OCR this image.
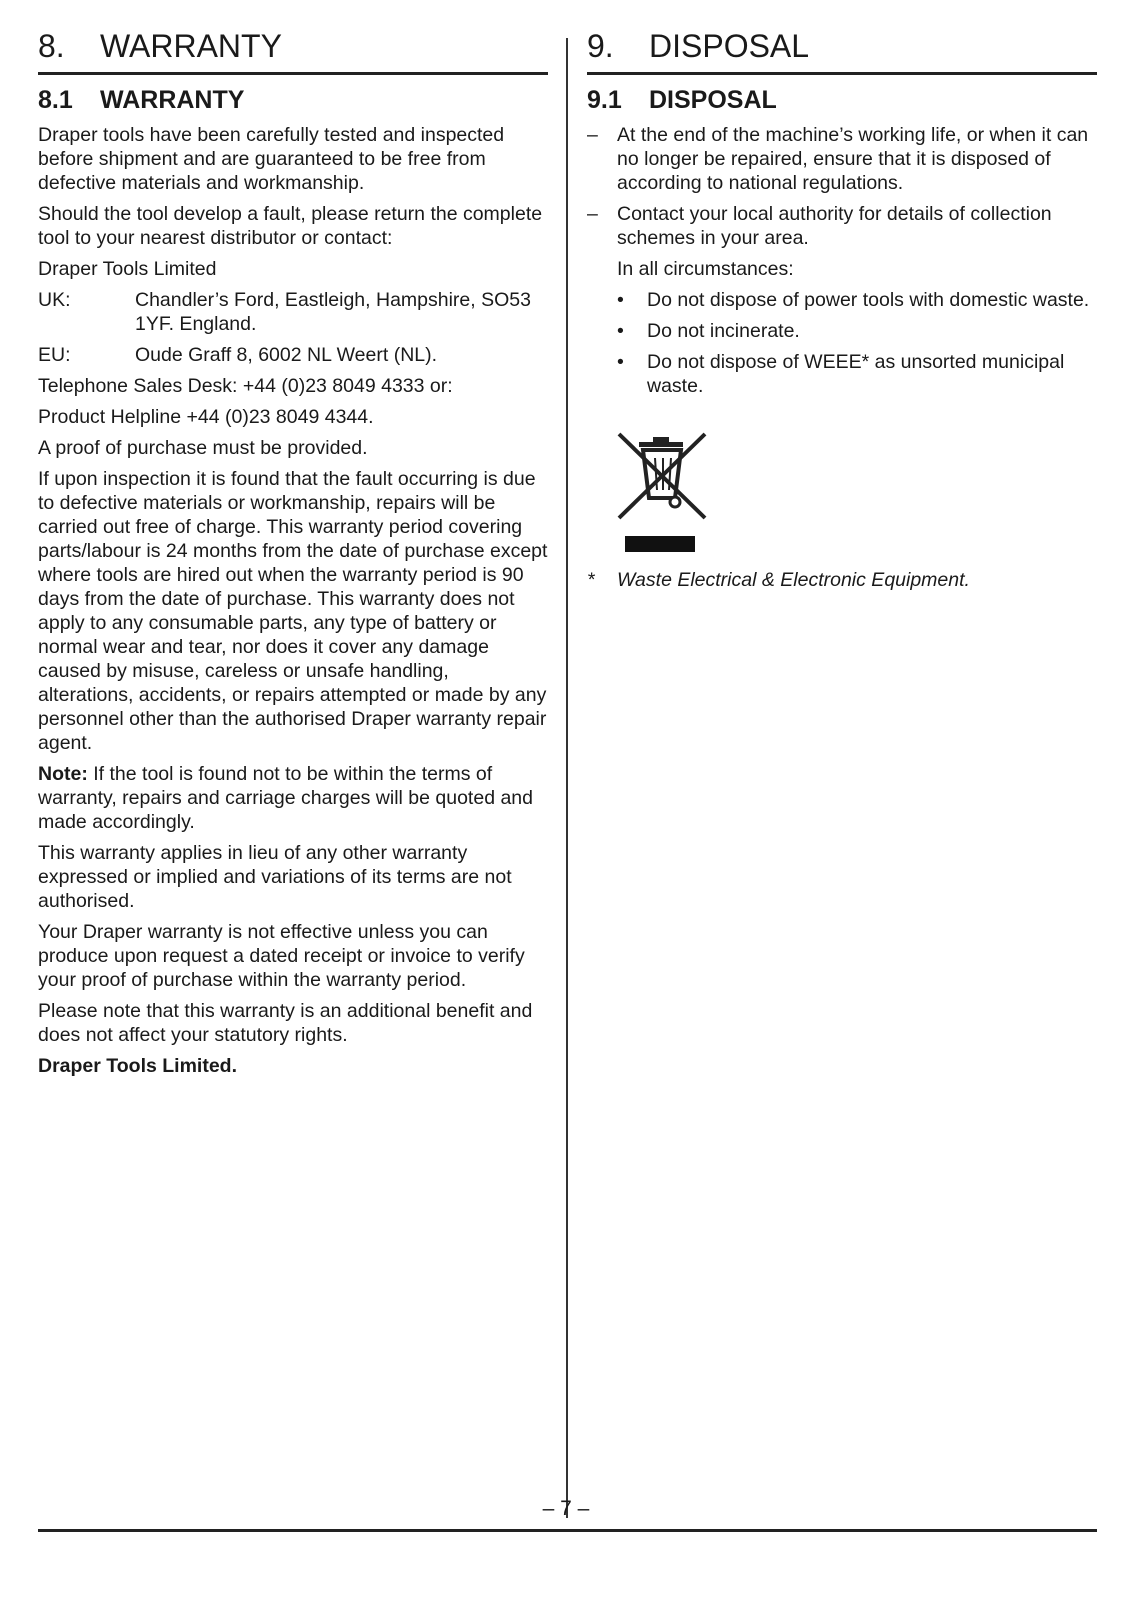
8.	WARRANTY
8.1	WARRANTY

Draper tools have been carefully tested and inspected before shipment and are guaranteed to be free from defective materials and workmanship.

Should the tool develop a fault, please return the complete tool to your nearest distributor or contact:

Draper Tools Limited

UK:	Chandler’s Ford, Eastleigh, Hampshire, SO53 1YF. England.
EU:	Oude Graff 8, 6002 NL Weert (NL).

Telephone Sales Desk: +44 (0)23 8049 4333 or:

Product Helpline +44 (0)23 8049 4344.

A proof of purchase must be provided.

If upon inspection it is found that the fault occurring is due to defective materials or workmanship, repairs will be carried out free of charge. This warranty period covering parts/labour is 24 months from the date of purchase except where tools are hired out when the warranty period is 90 days from the date of purchase. This warranty does not apply to any consumable parts, any type of battery or normal wear and tear, nor does it cover any damage caused by misuse, careless or unsafe handling, alterations, accidents, or repairs attempted or made by any personnel other than the authorised Draper warranty repair agent.

Note: If the tool is found not to be within the terms of warranty, repairs and carriage charges will be quoted and made accordingly.

This warranty applies in lieu of any other warranty expressed or implied and variations of its terms are not authorised.

Your Draper warranty is not effective unless you can produce upon request a dated receipt or invoice to verify your proof of purchase within the warranty period.

Please note that this warranty is an additional benefit and does not affect your statutory rights.

Draper Tools Limited.

9.	DISPOSAL
9.1	DISPOSAL
– At the end of the machine’s working life, or when it can no longer be repaired, ensure that it is disposed of according to national regulations.
– Contact your local authority for details of collection schemes in your area.

In all circumstances:

•	Do not dispose of power tools with domestic waste.
•	Do not incinerate.
•	Do not dispose of WEEE* as unsorted municipal waste.
*	Waste Electrical & Electronic Equipment.
– 7 –
